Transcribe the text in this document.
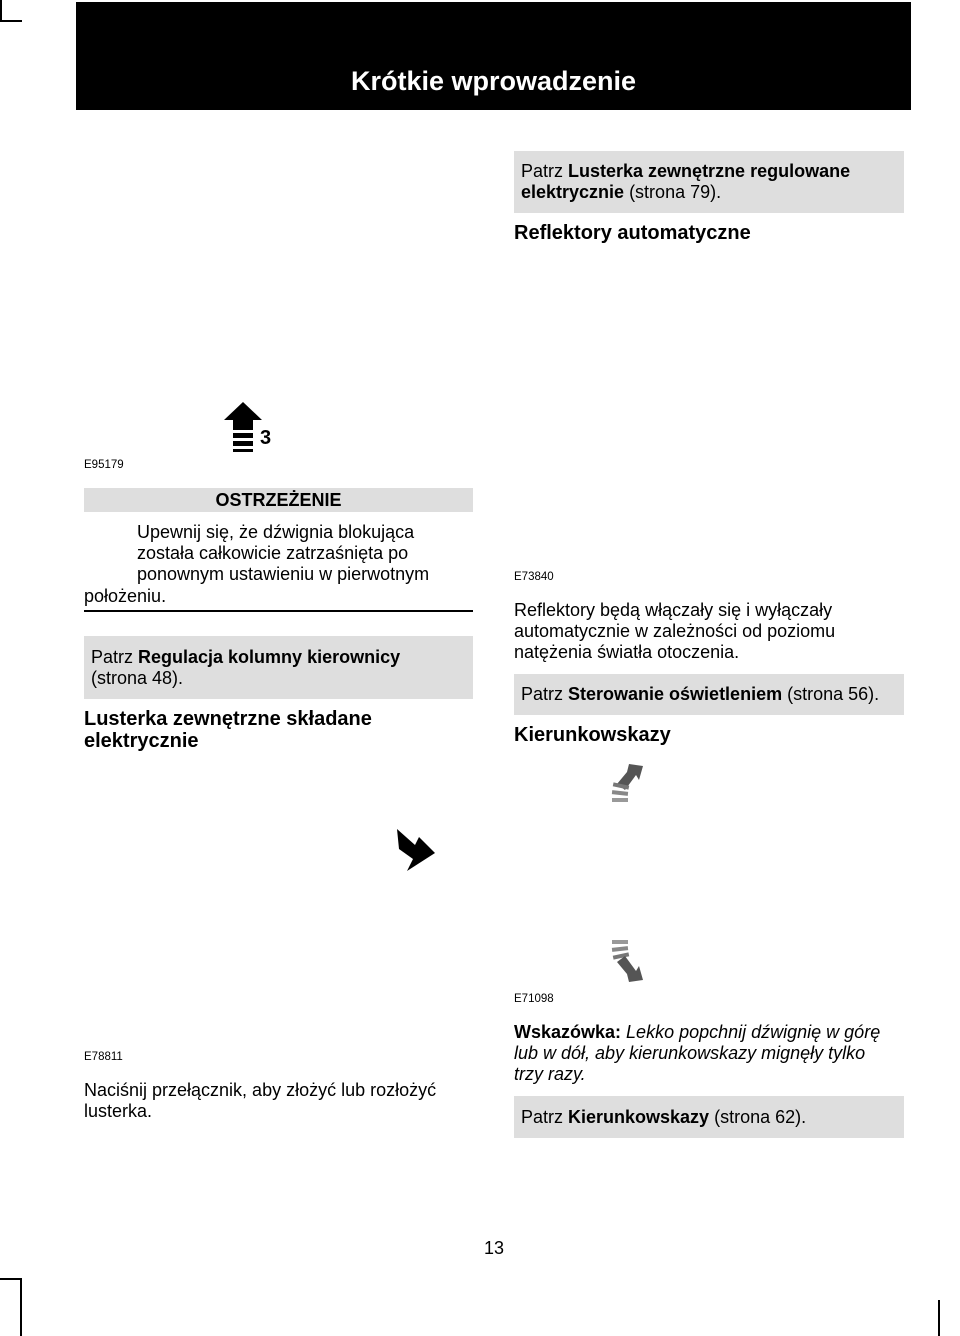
Krótkie wprowadzenie
3
E95179
OSTRZEŻENIE
Upewnij się, że dźwignia blokująca
została całkowicie zatrzaśnięta po
ponownym ustawieniu w pierwotnym
położeniu.
Patrz Regulacja kolumny kierownicy
(strona 48).
Lusterka zewnętrzne składane
elektrycznie
E78811
Naciśnij przełącznik, aby złożyć lub rozłożyć
lusterka.
Patrz Lusterka zewnętrzne regulowane
elektrycznie (strona 79).
Reflektory automatyczne
E73840
Reflektory będą włączały się i wyłączały
automatycznie w zależności od poziomu
natężenia światła otoczenia.
Patrz Sterowanie oświetleniem (strona 56).
Kierunkowskazy
E71098
Wskazówka: Lekko popchnij dźwignię w górę
lub w dół, aby kierunkowskazy mignęły tylko
trzy razy.
Patrz Kierunkowskazy (strona 62).
13
